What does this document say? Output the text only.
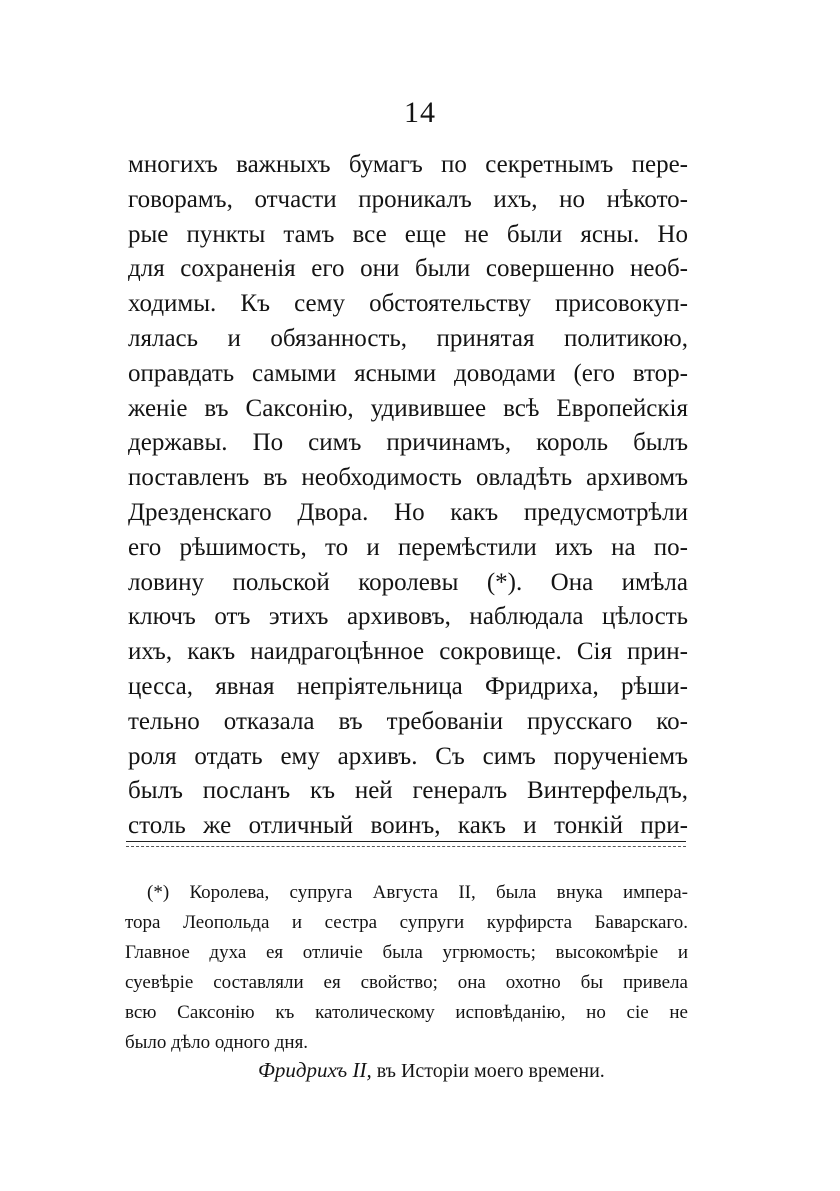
14
многихъ важныхъ бумагъ по секретнымъ пере-
говорамъ, отчасти проникалъ ихъ, но нѣкото-
рые пункты тамъ все еще не были ясны. Но
для сохраненія его они были совершенно необ-
ходимы. Къ сему обстоятельству присовокуп-
лялась и обязанность, принятая политикою,
оправдать самыми ясными доводами (его втор-
женіе въ Саксонію, удивившее всѣ Европейскія
державы. По симъ причинамъ, король былъ
поставленъ въ необходимость овладѣть архивомъ
Дрезденскаго Двора. Но какъ предусмотрѣли
его рѣшимость, то и перемѣстили ихъ на по-
ловину польской королевы (*). Она имѣла
ключъ отъ этихъ архивовъ, наблюдала цѣлость
ихъ, какъ наидрагоцѣнное сокровище. Сія прин-
цесса, явная непріятельница Фридриха, рѣши-
тельно отказала въ требованіи прусскаго ко-
роля отдать ему архивъ. Съ симъ порученіемъ
былъ посланъ къ ней генералъ Винтерфельдъ,
столь же отличный воинъ, какъ и тонкій при-
(*) Королева, супруга Августа II, была внука импера-
тора Леопольда и сестра супруги курфирста Баварскаго.
Главное духа ея отличіе была угрюмость; высокомѣріе и
суевѣріе составляли ея свойство; она охотно бы привела
всю Саксонію къ католическому исповѣданію, но сіе не
было дѣло одного дня.
Фридрихъ II, въ Исторіи моего времени.
